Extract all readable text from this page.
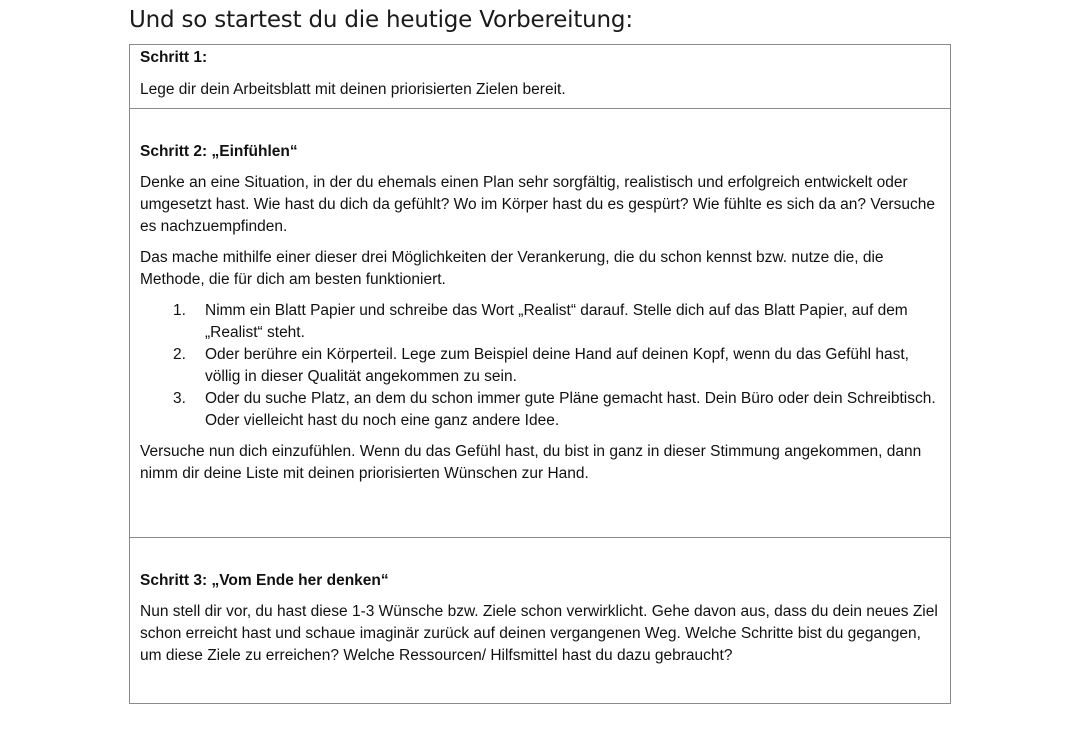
Und so startest du die heutige Vorbereitung:

Schritt 1:

Lege dir dein Arbeitsblatt mit deinen priorisierten Zielen bereit.

Schritt 2: „Einfühlen“

Denke an eine Situation, in der du ehemals einen Plan sehr sorgfältig, realistisch und erfolgreich entwickelt oder umgesetzt hast. Wie hast du dich da gefühlt? Wo im Körper hast du es gespürt? Wie fühlte es sich da an? Versuche es nachzuempfinden.

Das mache mithilfe einer dieser drei Möglichkeiten der Verankerung, die du schon kennst bzw. nutze die, die Methode, die für dich am besten funktioniert.

1. Nimm ein Blatt Papier und schreibe das Wort „Realist“ darauf. Stelle dich auf das Blatt Papier, auf dem „Realist“ steht.
2. Oder berühre ein Körperteil. Lege zum Beispiel deine Hand auf deinen Kopf, wenn du das Gefühl hast, völlig in dieser Qualität angekommen zu sein.
3. Oder du suche Platz, an dem du schon immer gute Pläne gemacht hast. Dein Büro oder dein Schreibtisch. Oder vielleicht hast du noch eine ganz andere Idee.

Versuche nun dich einzufühlen. Wenn du das Gefühl hast, du bist in ganz in dieser Stimmung angekommen, dann nimm dir deine Liste mit deinen priorisierten Wünschen zur Hand.

Schritt 3: „Vom Ende her denken“

Nun stell dir vor, du hast diese 1-3 Wünsche bzw. Ziele schon verwirklicht. Gehe davon aus, dass du dein neues Ziel schon erreicht hast und schaue imaginär zurück auf deinen vergangenen Weg. Welche Schritte bist du gegangen, um diese Ziele zu erreichen? Welche Ressourcen/ Hilfsmittel hast du dazu gebraucht?
